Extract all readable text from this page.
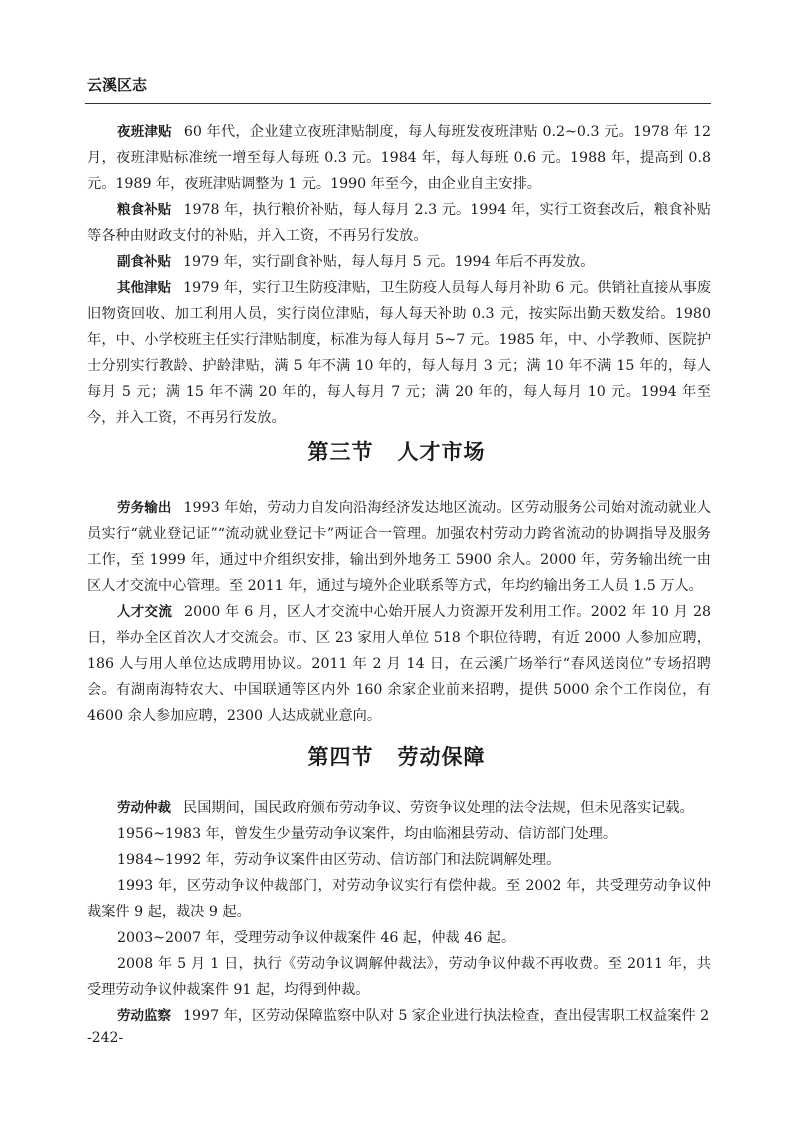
云溪区志

夜班津贴 60 年代，企业建立夜班津贴制度，每人每班发夜班津贴 0.2~0.3 元。1978 年 12 月，夜班津贴标准统一增至每人每班 0.3 元。1984 年，每人每班 0.6 元。1988 年，提高到 0.8 元。1989 年，夜班津贴调整为 1 元。1990 年至今，由企业自主安排。

粮食补贴 1978 年，执行粮价补贴，每人每月 2.3 元。1994 年，实行工资套改后，粮食补贴等各种由财政支付的补贴，并入工资，不再另行发放。

副食补贴 1979 年，实行副食补贴，每人每月 5 元。1994 年后不再发放。

其他津贴 1979 年，实行卫生防疫津贴，卫生防疫人员每人每月补助 6 元。供销社直接从事废旧物资回收、加工利用人员，实行岗位津贴，每人每天补助 0.3 元，按实际出勤天数发给。1980 年，中、小学校班主任实行津贴制度，标准为每人每月 5~7 元。1985 年，中、小学教师、医院护士分别实行教龄、护龄津贴，满 5 年不满 10 年的，每人每月 3 元；满 10 年不满 15 年的，每人每月 5 元；满 15 年不满 20 年的，每人每月 7 元；满 20 年的，每人每月 10 元。1994 年至今，并入工资，不再另行发放。

第三节 人才市场

劳务输出 1993 年始，劳动力自发向沿海经济发达地区流动。区劳动服务公司始对流动就业人员实行“就业登记证”“流动就业登记卡”两证合一管理。加强农村劳动力跨省流动的协调指导及服务工作，至 1999 年，通过中介组织安排，输出到外地务工 5900 余人。2000 年，劳务输出统一由区人才交流中心管理。至 2011 年，通过与境外企业联系等方式，年均约输出务工人员 1.5 万人。

人才交流 2000 年 6 月，区人才交流中心始开展人力资源开发利用工作。2002 年 10 月 28 日，举办全区首次人才交流会。市、区 23 家用人单位 518 个职位待聘，有近 2000 人参加应聘，186 人与用人单位达成聘用协议。2011 年 2 月 14 日，在云溪广场举行“春风送岗位”专场招聘会。有湖南海特农大、中国联通等区内外 160 余家企业前来招聘，提供 5000 余个工作岗位，有 4600 余人参加应聘，2300 人达成就业意向。

第四节 劳动保障

劳动仲裁 民国期间，国民政府颁布劳动争议、劳资争议处理的法令法规，但未见落实记载。

1956~1983 年，曾发生少量劳动争议案件，均由临湘县劳动、信访部门处理。

1984~1992 年，劳动争议案件由区劳动、信访部门和法院调解处理。

1993 年，区劳动争议仲裁部门，对劳动争议实行有偿仲裁。至 2002 年，共受理劳动争议仲裁案件 9 起，裁决 9 起。

2003~2007 年，受理劳动争议仲裁案件 46 起，仲裁 46 起。

2008 年 5 月 1 日，执行《劳动争议调解仲裁法》，劳动争议仲裁不再收费。至 2011 年，共受理劳动争议仲裁案件 91 起，均得到仲裁。

劳动监察 1997 年，区劳动保障监察中队对 5 家企业进行执法检查，查出侵害职工权益案件 2

-242-
